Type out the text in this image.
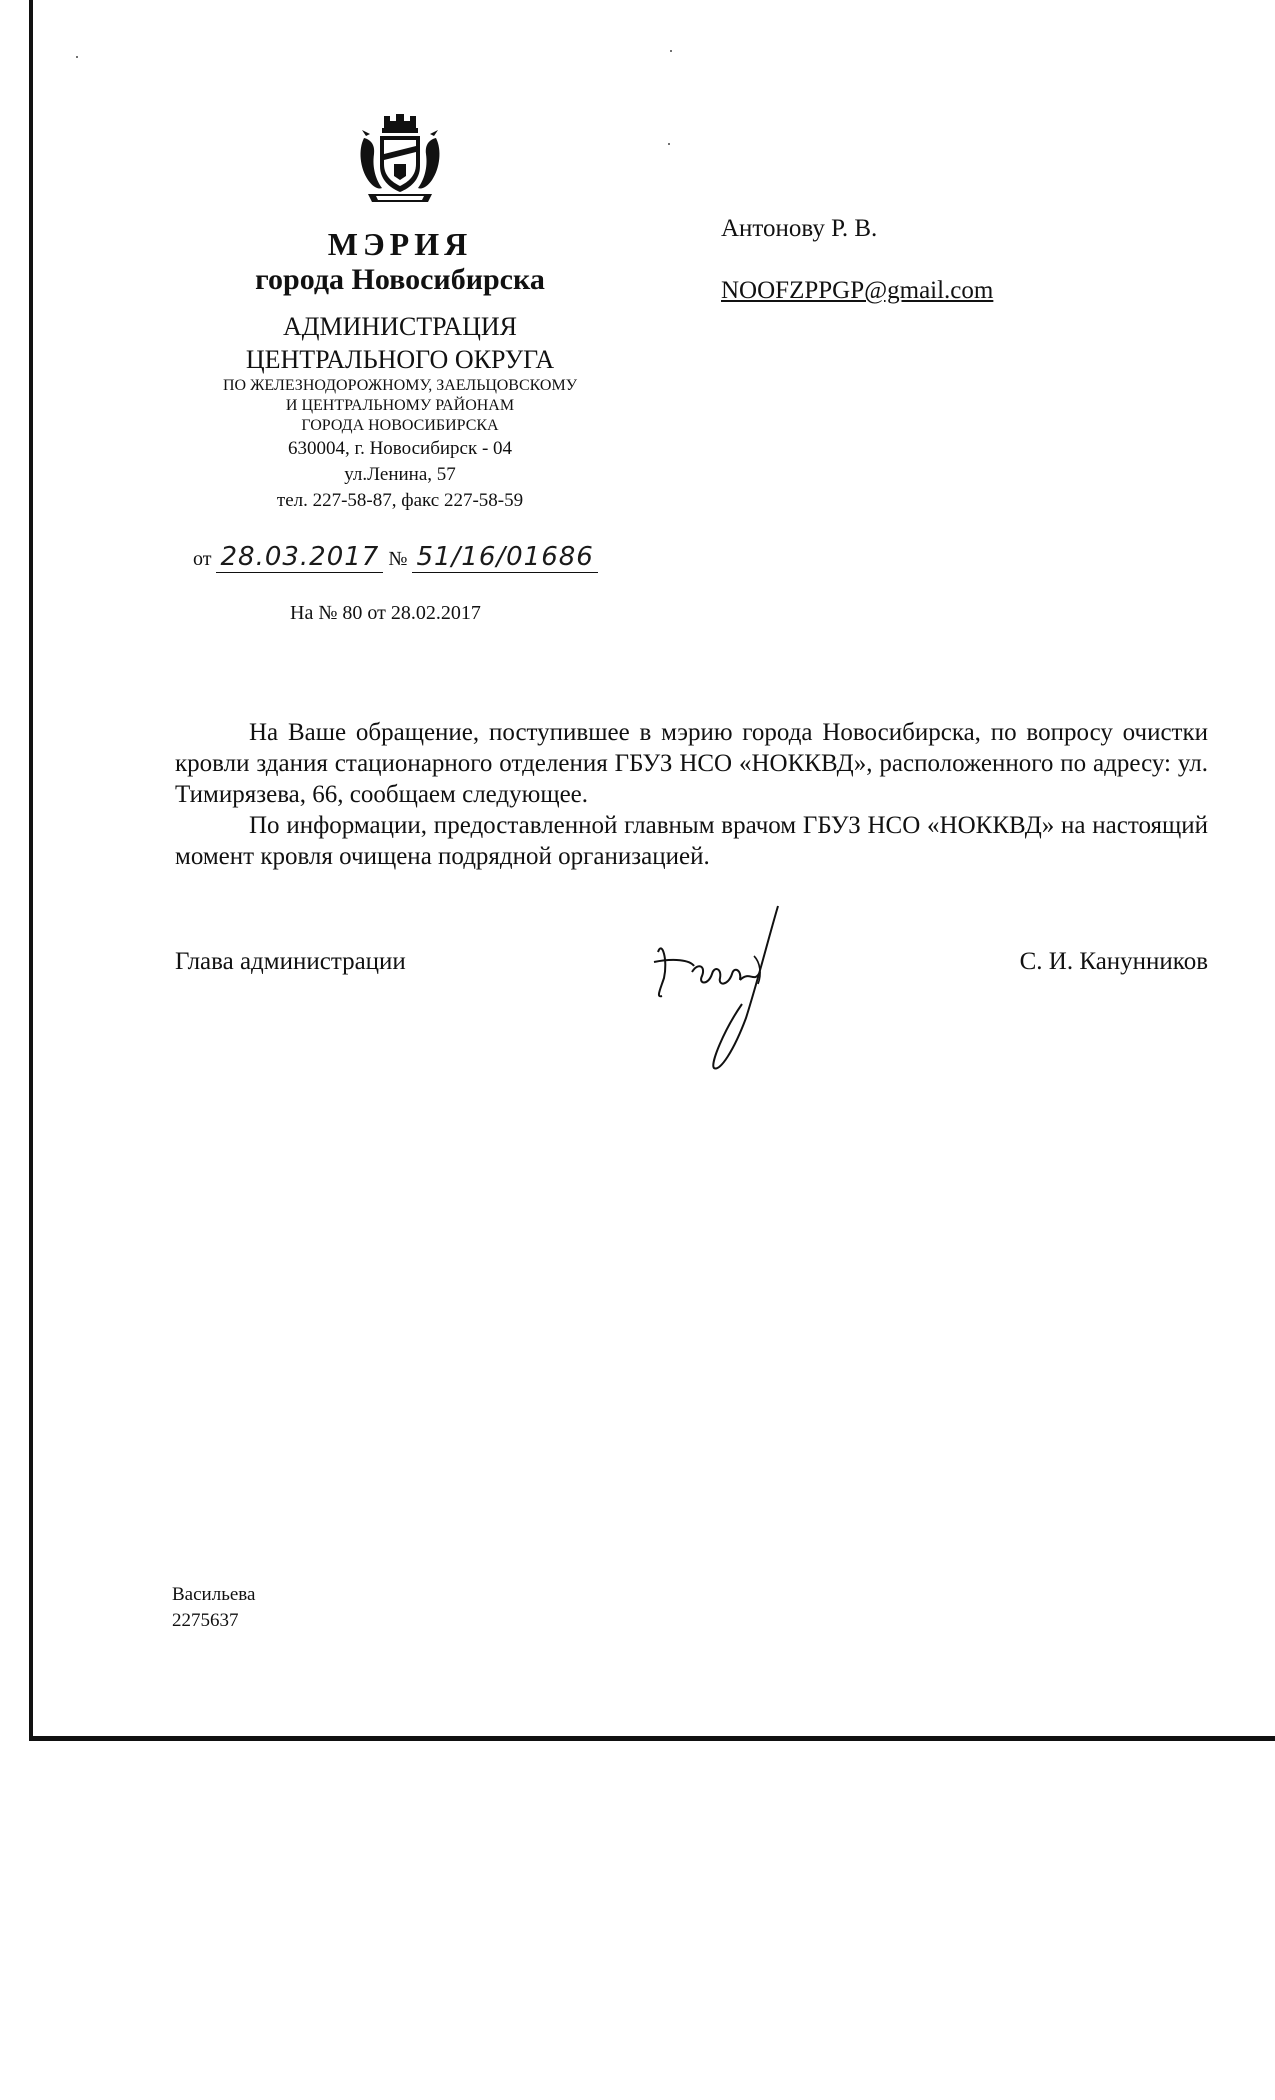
МЭРИЯ
города Новосибирска
АДМИНИСТРАЦИЯ
ЦЕНТРАЛЬНОГО ОКРУГА
ПО ЖЕЛЕЗНОДОРОЖНОМУ, ЗАЕЛЬЦОВСКОМУ
И ЦЕНТРАЛЬНОМУ РАЙОНАМ
ГОРОДА НОВОСИБИРСКА
630004, г. Новосибирск - 04
ул.Ленина, 57
тел. 227-58-87, факс 227-58-59
от 28.03.2017 № 51/16/01686
На № 80 от 28.02.2017
Антонову Р. В.
NOOFZPPGP@gmail.com

На Ваше обращение, поступившее в мэрию города Новосибирска, по вопросу очистки кровли здания стационарного отделения ГБУЗ НСО «НОККВД», расположенного по адресу: ул. Тимирязева, 66, сообщаем следующее.

По информации, предоставленной главным врачом ГБУЗ НСО «НОККВД» на настоящий момент кровля очищена подрядной организацией.

Глава администрации	С. И. Канунников
Васильева
2275637
